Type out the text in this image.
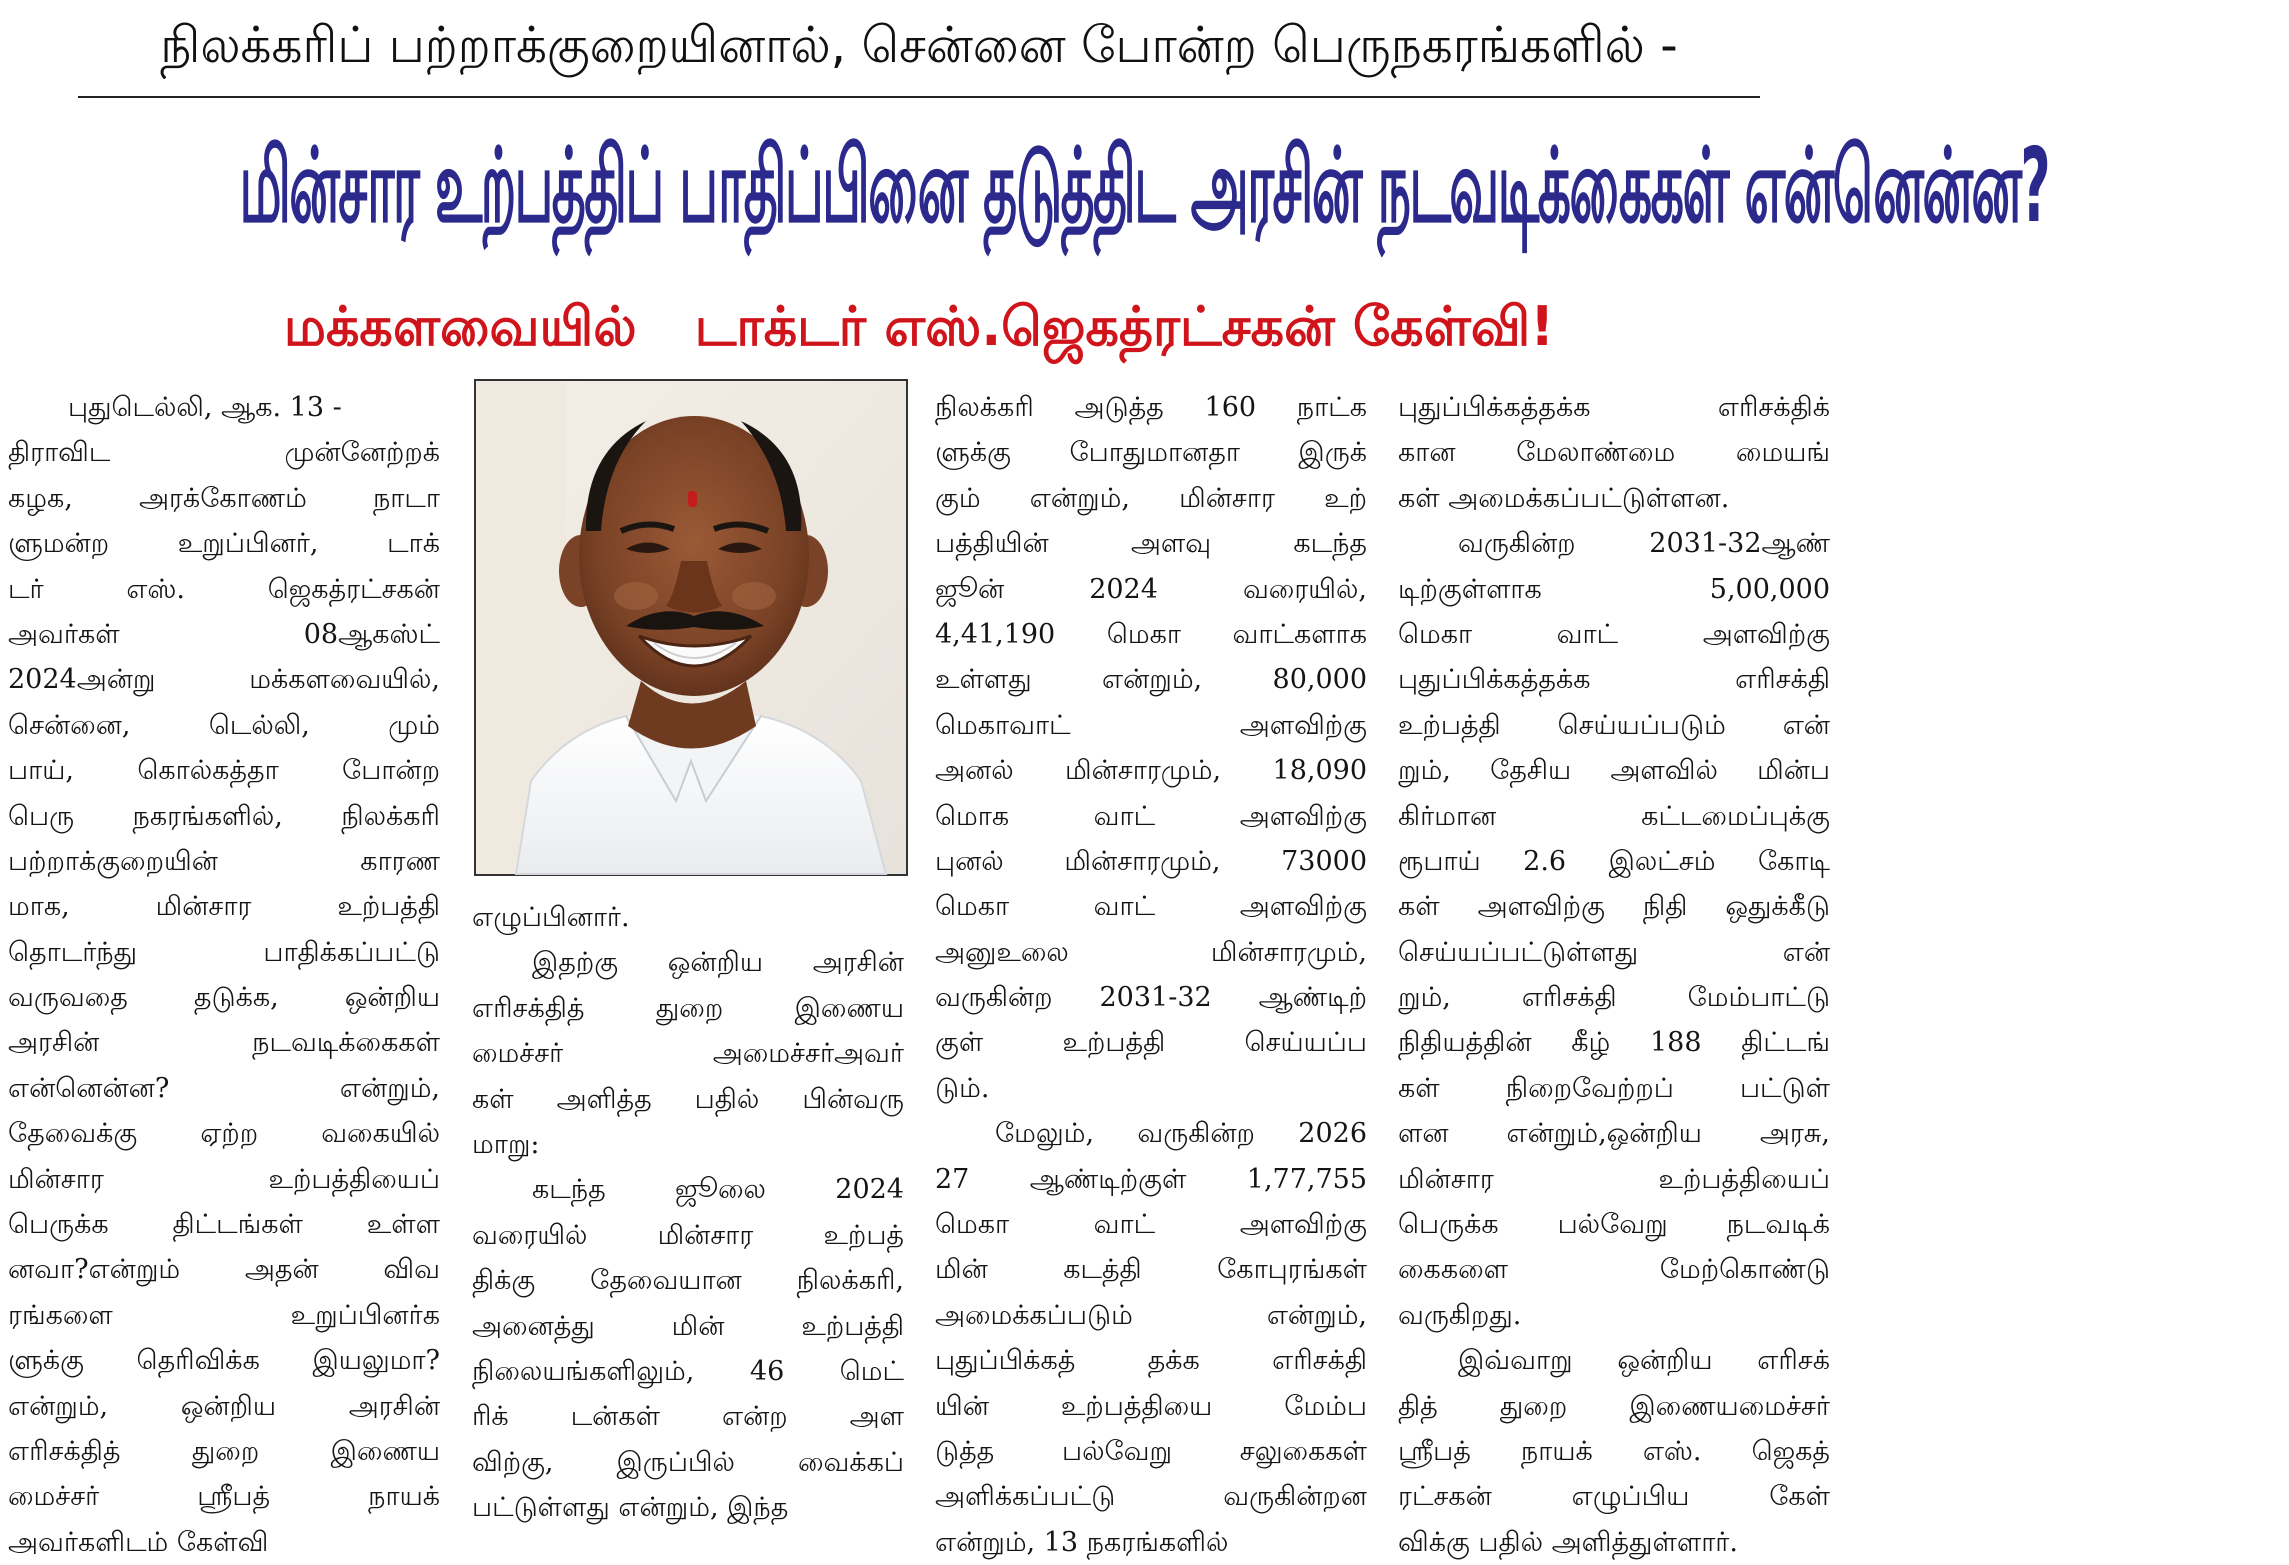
நிலக்கரிப் பற்றாக்குறையினால், சென்னை போன்ற பெருநகரங்களில் -
மின்சார உற்பத்திப் பாதிப்பினை தடுத்திட அரசின் நடவடிக்கைகள் என்னென்ன?
மக்களவையில் டாக்டர் எஸ்.ஜெகத்ரட்சகன் கேள்வி!
புதுடெல்லி, ஆக. 13 -
திராவிட முன்னேற்றக்
கழக, அரக்கோணம் நாடா
ளுமன்ற உறுப்பினர், டாக்
டர் எஸ். ஜெகத்ரட்சகன்
அவர்கள் 08ஆகஸ்ட்
2024அன்று மக்களவையில்,
சென்னை, டெல்லி, மும்
பாய், கொல்கத்தா போன்ற
பெரு நகரங்களில், நிலக்கரி
பற்றாக்குறையின் காரண
மாக, மின்சார உற்பத்தி
தொடர்ந்து பாதிக்கப்பட்டு
வருவதை தடுக்க, ஒன்றிய
அரசின் நடவடிக்கைகள்
என்னென்ன? என்றும்,
தேவைக்கு ஏற்ற வகையில்
மின்சார உற்பத்தியைப்
பெருக்க திட்டங்கள் உள்ள
னவா?என்றும் அதன் விவ
ரங்களை உறுப்பினர்க
ளுக்கு தெரிவிக்க இயலுமா?
என்றும், ஒன்றிய அரசின்
எரிசக்தித் துறை இணைய
மைச்சர் ஸ்ரீபத் நாயக்
அவர்களிடம் கேள்வி
எழுப்பினார்.
இதற்கு ஒன்றிய அரசின்
எரிசக்தித் துறை இணைய
மைச்சர் அமைச்சர்அவர்
கள் அளித்த பதில் பின்வரு
மாறு:
கடந்த ஜூலை 2024
வரையில் மின்சார உற்பத்
திக்கு தேவையான நிலக்கரி,
அனைத்து மின் உற்பத்தி
நிலையங்களிலும், 46 மெட்
ரிக் டன்கள் என்ற அள
விற்கு, இருப்பில் வைக்கப்
பட்டுள்ளது என்றும், இந்த
நிலக்கரி அடுத்த 160 நாட்க
ளுக்கு போதுமானதா இருக்
கும் என்றும், மின்சார உற்
பத்தியின் அளவு கடந்த
ஜூன் 2024 வரையில்,
4,41,190 மெகா வாட்களாக
உள்ளது என்றும், 80,000
மெகாவாட் அளவிற்கு
அனல் மின்சாரமும், 18,090
மொக வாட் அளவிற்கு
புனல் மின்சாரமும், 73000
மெகா வாட் அளவிற்கு
அனுஉலை மின்சாரமும்,
வருகின்ற 2031-32 ஆண்டிற்
குள் உற்பத்தி செய்யப்ப
டும்.
மேலும், வருகின்ற 2026
27 ஆண்டிற்குள் 1,77,755
மெகா வாட் அளவிற்கு
மின் கடத்தி கோபுரங்கள்
அமைக்கப்படும் என்றும்,
புதுப்பிக்கத் தக்க எரிசக்தி
யின் உற்பத்தியை மேம்ப
டுத்த பல்வேறு சலுகைகள்
அளிக்கப்பட்டு வருகின்றன
என்றும், 13 நகரங்களில்
புதுப்பிக்கத்தக்க எரிசக்திக்
கான மேலாண்மை மையங்
கள் அமைக்கப்பட்டுள்ளன.
வருகின்ற 2031-32ஆண்
டிற்குள்ளாக 5,00,000
மெகா வாட் அளவிற்கு
புதுப்பிக்கத்தக்க எரிசக்தி
உற்பத்தி செய்யப்படும் என்
றும், தேசிய அளவில் மின்ப
கிர்மான கட்டமைப்புக்கு
ரூபாய் 2.6 இலட்சம் கோடி
கள் அளவிற்கு நிதி ஒதுக்கீடு
செய்யப்பட்டுள்ளது என்
றும், எரிசக்தி மேம்பாட்டு
நிதியத்தின் கீழ் 188 திட்டங்
கள் நிறைவேற்றப் பட்டுள்
ளன என்றும்,ஒன்றிய அரசு,
மின்சார உற்பத்தியைப்
பெருக்க பல்வேறு நடவடிக்
கைகளை மேற்கொண்டு
வருகிறது.
இவ்வாறு ஒன்றிய எரிசக்
தித் துறை இணையமைச்சர்
ஸ்ரீபத் நாயக் எஸ். ஜெகத்
ரட்சகன் எழுப்பிய கேள்
விக்கு பதில் அளித்துள்ளார்.
